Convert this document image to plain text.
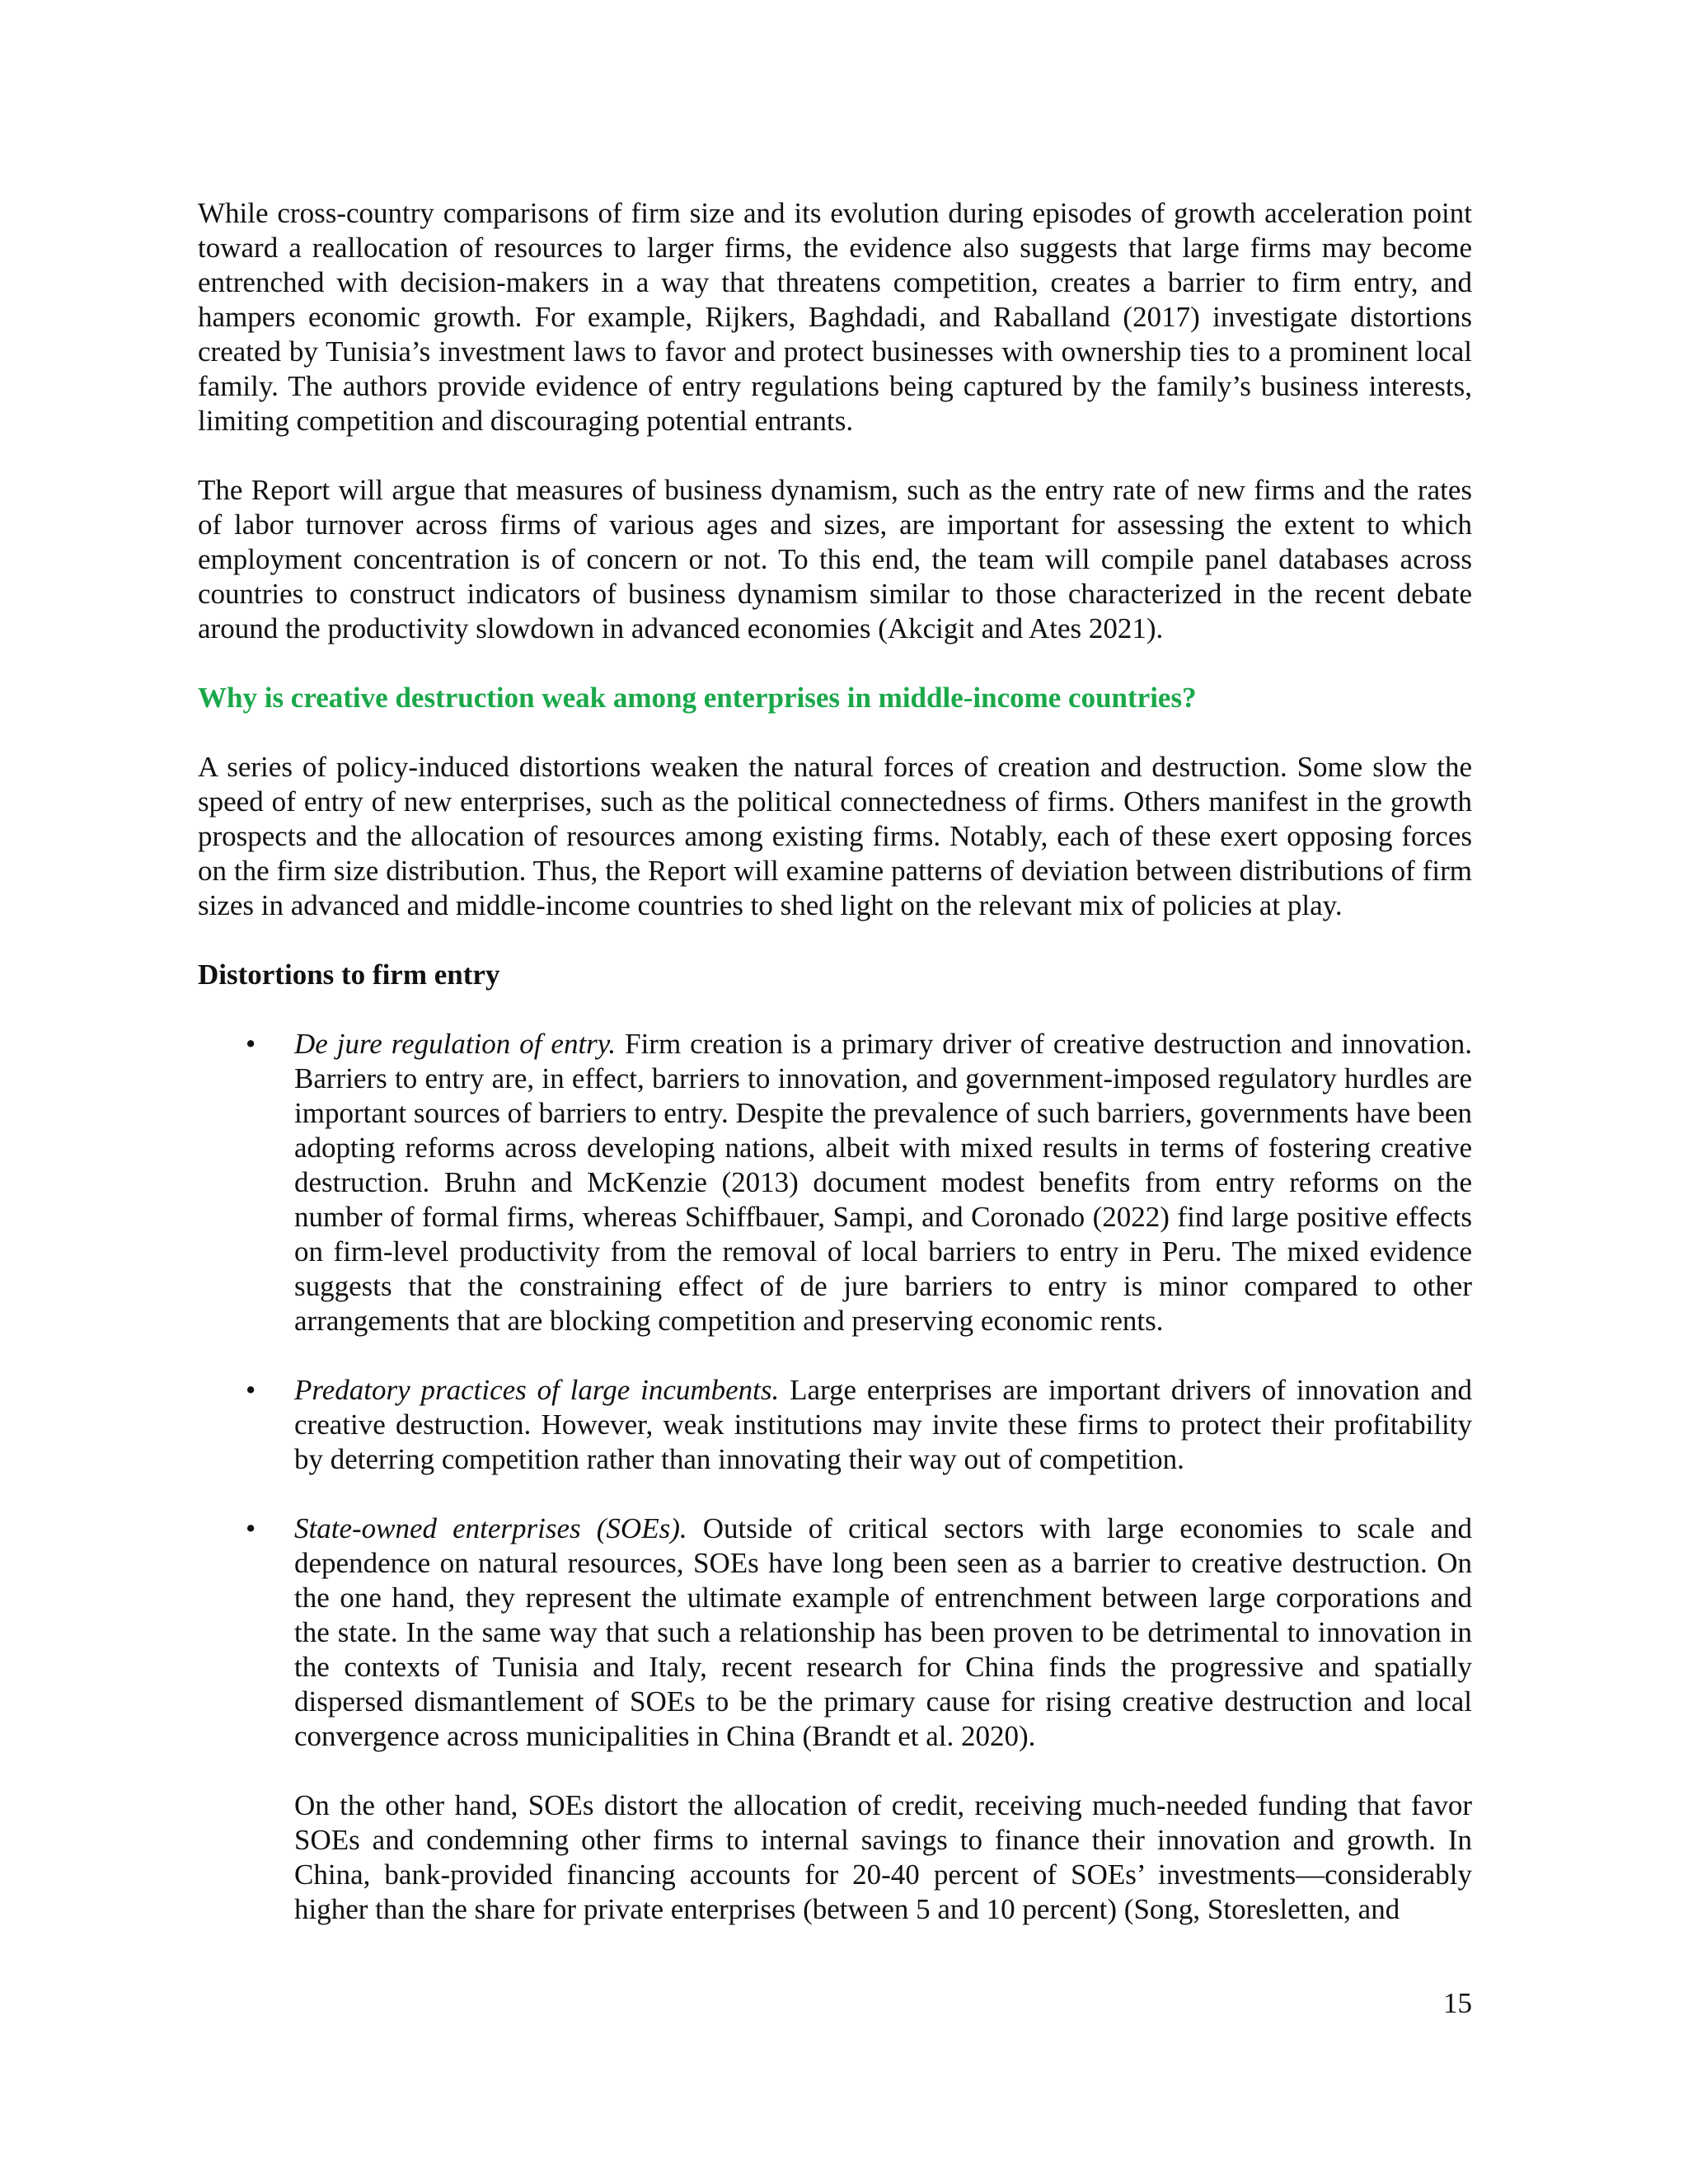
While cross-country comparisons of firm size and its evolution during episodes of growth acceleration point toward a reallocation of resources to larger firms, the evidence also suggests that large firms may become entrenched with decision-makers in a way that threatens competition, creates a barrier to firm entry, and hampers economic growth. For example, Rijkers, Baghdadi, and Raballand (2017) investigate distortions created by Tunisia’s investment laws to favor and protect businesses with ownership ties to a prominent local family. The authors provide evidence of entry regulations being captured by the family’s business interests, limiting competition and discouraging potential entrants.

The Report will argue that measures of business dynamism, such as the entry rate of new firms and the rates of labor turnover across firms of various ages and sizes, are important for assessing the extent to which employment concentration is of concern or not. To this end, the team will compile panel databases across countries to construct indicators of business dynamism similar to those characterized in the recent debate around the productivity slowdown in advanced economies (Akcigit and Ates 2021).

Why is creative destruction weak among enterprises in middle-income countries?

A series of policy-induced distortions weaken the natural forces of creation and destruction. Some slow the speed of entry of new enterprises, such as the political connectedness of firms. Others manifest in the growth prospects and the allocation of resources among existing firms. Notably, each of these exert opposing forces on the firm size distribution. Thus, the Report will examine patterns of deviation between distributions of firm sizes in advanced and middle-income countries to shed light on the relevant mix of policies at play.

Distortions to firm entry

• De jure regulation of entry. Firm creation is a primary driver of creative destruction and innovation. Barriers to entry are, in effect, barriers to innovation, and government-imposed regulatory hurdles are important sources of barriers to entry. Despite the prevalence of such barriers, governments have been adopting reforms across developing nations, albeit with mixed results in terms of fostering creative destruction. Bruhn and McKenzie (2013) document modest benefits from entry reforms on the number of formal firms, whereas Schiffbauer, Sampi, and Coronado (2022) find large positive effects on firm-level productivity from the removal of local barriers to entry in Peru. The mixed evidence suggests that the constraining effect of de jure barriers to entry is minor compared to other arrangements that are blocking competition and preserving economic rents.

• Predatory practices of large incumbents. Large enterprises are important drivers of innovation and creative destruction. However, weak institutions may invite these firms to protect their profitability by deterring competition rather than innovating their way out of competition.

• State-owned enterprises (SOEs). Outside of critical sectors with large economies to scale and dependence on natural resources, SOEs have long been seen as a barrier to creative destruction. On the one hand, they represent the ultimate example of entrenchment between large corporations and the state. In the same way that such a relationship has been proven to be detrimental to innovation in the contexts of Tunisia and Italy, recent research for China finds the progressive and spatially dispersed dismantlement of SOEs to be the primary cause for rising creative destruction and local convergence across municipalities in China (Brandt et al. 2020).

On the other hand, SOEs distort the allocation of credit, receiving much-needed funding that favor SOEs and condemning other firms to internal savings to finance their innovation and growth. In China, bank-provided financing accounts for 20-40 percent of SOEs’ investments—considerably higher than the share for private enterprises (between 5 and 10 percent) (Song, Storesletten, and

15
